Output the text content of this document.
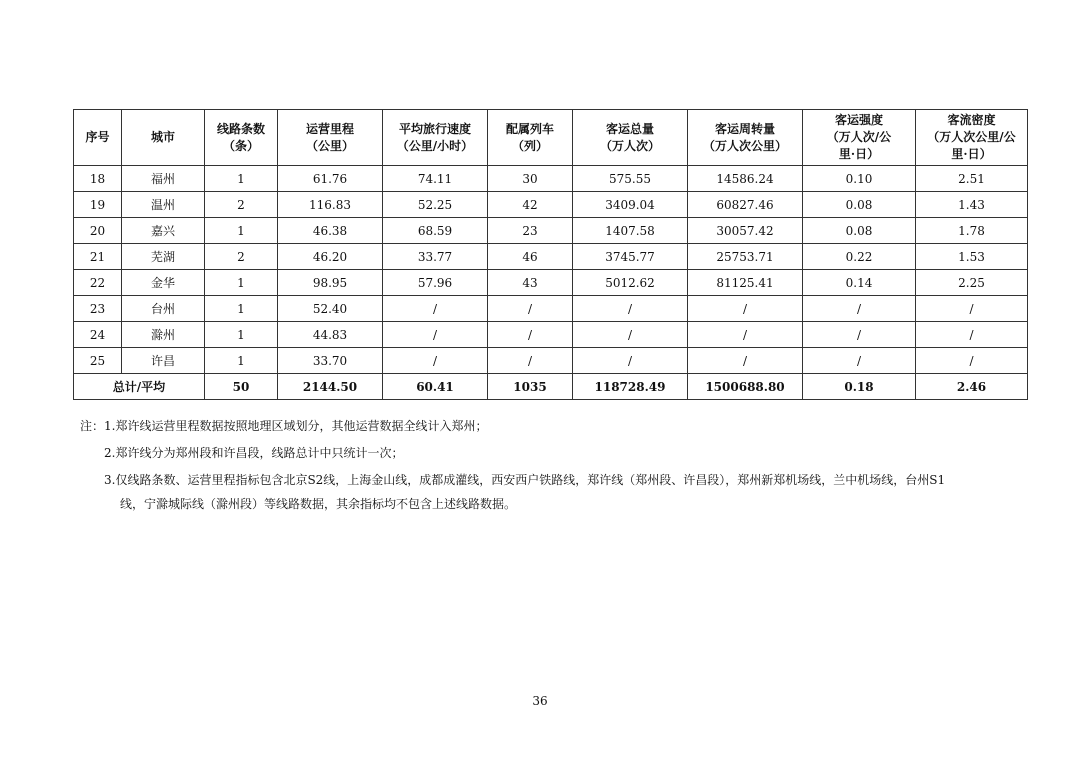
序号	城市	线路条数
（条）	运营里程
（公里）	平均旅行速度
（公里/小时）	配属列车
（列）	客运总量
（万人次）	客运周转量
（万人次公里）	客运强度
（万人次/公
里·日）	客流密度
（万人次公里/公
里·日）
18	福州	1	61.76	74.11	30	575.55	14586.24	0.10	2.51
19	温州	2	116.83	52.25	42	3409.04	60827.46	0.08	1.43
20	嘉兴	1	46.38	68.59	23	1407.58	30057.42	0.08	1.78
21	芜湖	2	46.20	33.77	46	3745.77	25753.71	0.22	1.53
22	金华	1	98.95	57.96	43	5012.62	81125.41	0.14	2.25
23	台州	1	52.40	/	/	/	/	/	/
24	滁州	1	44.83	/	/	/	/	/	/
25	许昌	1	33.70	/	/	/	/	/	/
总计/平均		50	2144.50	60.41	1035	118728.49	1500688.80	0.18	2.46

注：1.郑许线运营里程数据按照地理区域划分，其他运营数据全线计入郑州；

2.郑许线分为郑州段和许昌段，线路总计中只统计一次；

3.仅线路条数、运营里程指标包含北京S2线，上海金山线，成都成灌线，西安西户铁路线，郑许线（郑州段、许昌段），郑州新郑机场线，兰中机场线，台州S1
线，宁滁城际线（滁州段）等线路数据，其余指标均不包含上述线路数据。

36
